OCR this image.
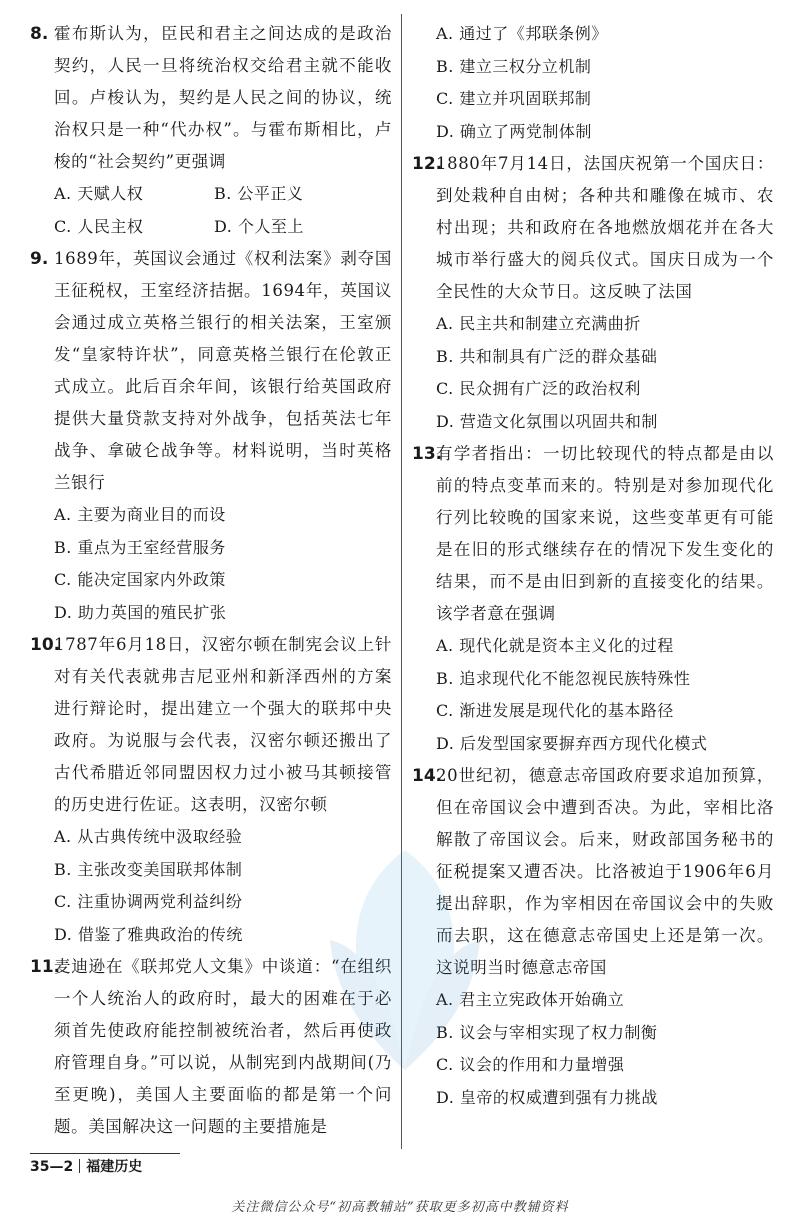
8. 霍布斯认为，臣民和君主之间达成的是政治契约，人民一旦将统治权交给君主就不能收回。卢梭认为，契约是人民之间的协议，统治权只是一种“代办权”。与霍布斯相比，卢梭的“社会契约”更强调
A. 天赋人权	B. 公平正义
C. 人民主权	D. 个人至上
9. 1689年，英国议会通过《权利法案》剥夺国王征税权，王室经济拮据。1694年，英国议会通过成立英格兰银行的相关法案，王室颁发“皇家特许状”，同意英格兰银行在伦敦正式成立。此后百余年间，该银行给英国政府提供大量贷款支持对外战争，包括英法七年战争、拿破仑战争等。材料说明，当时英格兰银行
A. 主要为商业目的而设
B. 重点为王室经营服务
C. 能决定国家内外政策
D. 助力英国的殖民扩张
10.
1787年6月18日，汉密尔顿在制宪会议上针对有关代表就弗吉尼亚州和新泽西州的方案进行辩论时，提出建立一个强大的联邦中央政府。为说服与会代表，汉密尔顿还搬出了古代希腊近邻同盟因权力过小被马其顿接管的历史进行佐证。这表明，汉密尔顿
A. 从古典传统中汲取经验
B. 主张改变美国联邦体制
C. 注重协调两党利益纠纷
D. 借鉴了雅典政治的传统
11.
麦迪逊在《联邦党人文集》中谈道：“在组织一个人统治人的政府时，最大的困难在于必须首先使政府能控制被统治者，然后再使政府管理自身。”可以说，从制宪到内战期间(乃至更晚)，美国人主要面临的都是第一个问题。美国解决这一问题的主要措施是
A. 通过了《邦联条例》
B. 建立三权分立机制
C. 建立并巩固联邦制
D. 确立了两党制体制
12.
1880年7月14日，法国庆祝第一个国庆日：到处栽种自由树；各种共和雕像在城市、农村出现；共和政府在各地燃放烟花并在各大城市举行盛大的阅兵仪式。国庆日成为一个全民性的大众节日。这反映了法国
A. 民主共和制建立充满曲折
B. 共和制具有广泛的群众基础
C. 民众拥有广泛的政治权利
D. 营造文化氛围以巩固共和制
13.
有学者指出：一切比较现代的特点都是由以前的特点变革而来的。特别是对参加现代化行列比较晚的国家来说，这些变革更有可能是在旧的形式继续存在的情况下发生变化的结果，而不是由旧到新的直接变化的结果。该学者意在强调
A. 现代化就是资本主义化的过程
B. 追求现代化不能忽视民族特殊性
C. 渐进发展是现代化的基本路径
D. 后发型国家要摒弃西方现代化模式
14.
20世纪初，德意志帝国政府要求追加预算，但在帝国议会中遭到否决。为此，宰相比洛解散了帝国议会。后来，财政部国务秘书的征税提案又遭否决。比洛被迫于1906年6月提出辞职，作为宰相因在帝国议会中的失败而去职，这在德意志帝国史上还是第一次。这说明当时德意志帝国
A. 君主立宪政体开始确立
B. 议会与宰相实现了权力制衡
C. 议会的作用和力量增强
D. 皇帝的权威遭到强有力挑战
35—2 福建历史
关注微信公众号“初高教辅站”获取更多初高中教辅资料
